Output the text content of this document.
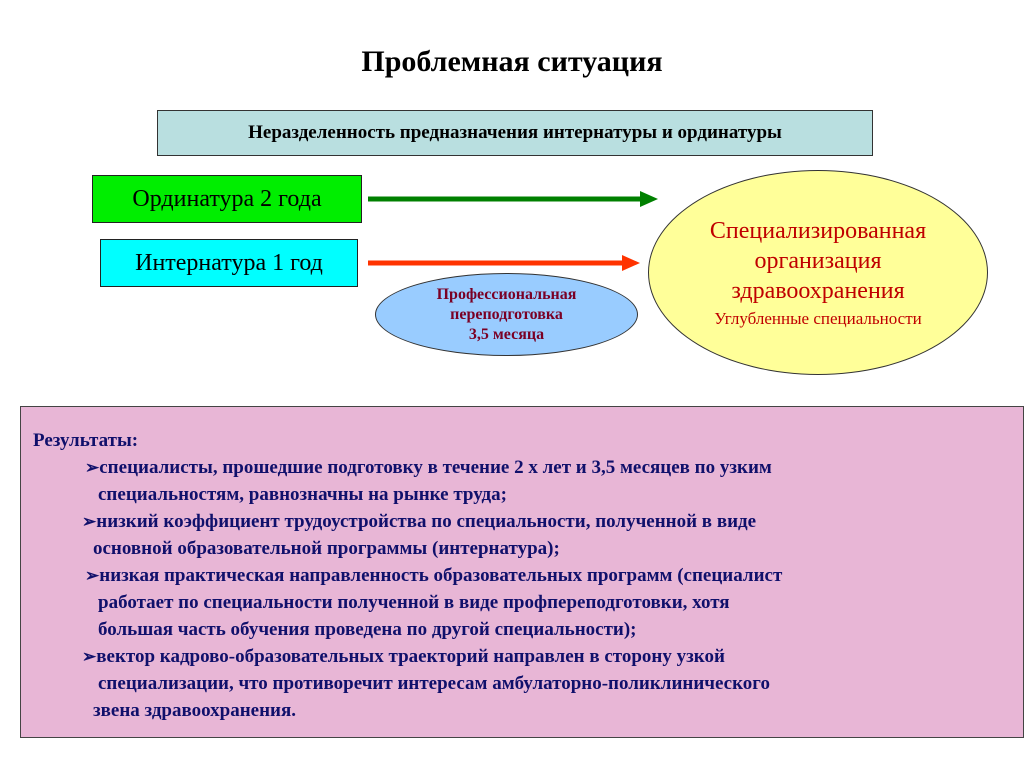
Проблемная ситуация
Неразделенность предназначения интернатуры и ординатуры
Ординатура 2 года
Интернатура 1 год
Профессиональная
переподготовка
3,5 месяца
Специализированная
организация
здравоохранения
Углубленные специальности
Результаты:
➢специалисты, прошедшие подготовку в течение 2 х лет и 3,5 месяцев по узким
специальностям, равнозначны на рынке труда;
➢низкий коэффициент трудоустройства по специальности, полученной в виде
основной образовательной программы (интернатура);
➢низкая практическая направленность образовательных программ (специалист
работает по специальности полученной в виде профпереподготовки, хотя
большая часть обучения проведена по другой специальности);
➢вектор кадрово-образовательных траекторий направлен в сторону узкой
специализации, что противоречит интересам амбулаторно-поликлинического
звена здравоохранения.
